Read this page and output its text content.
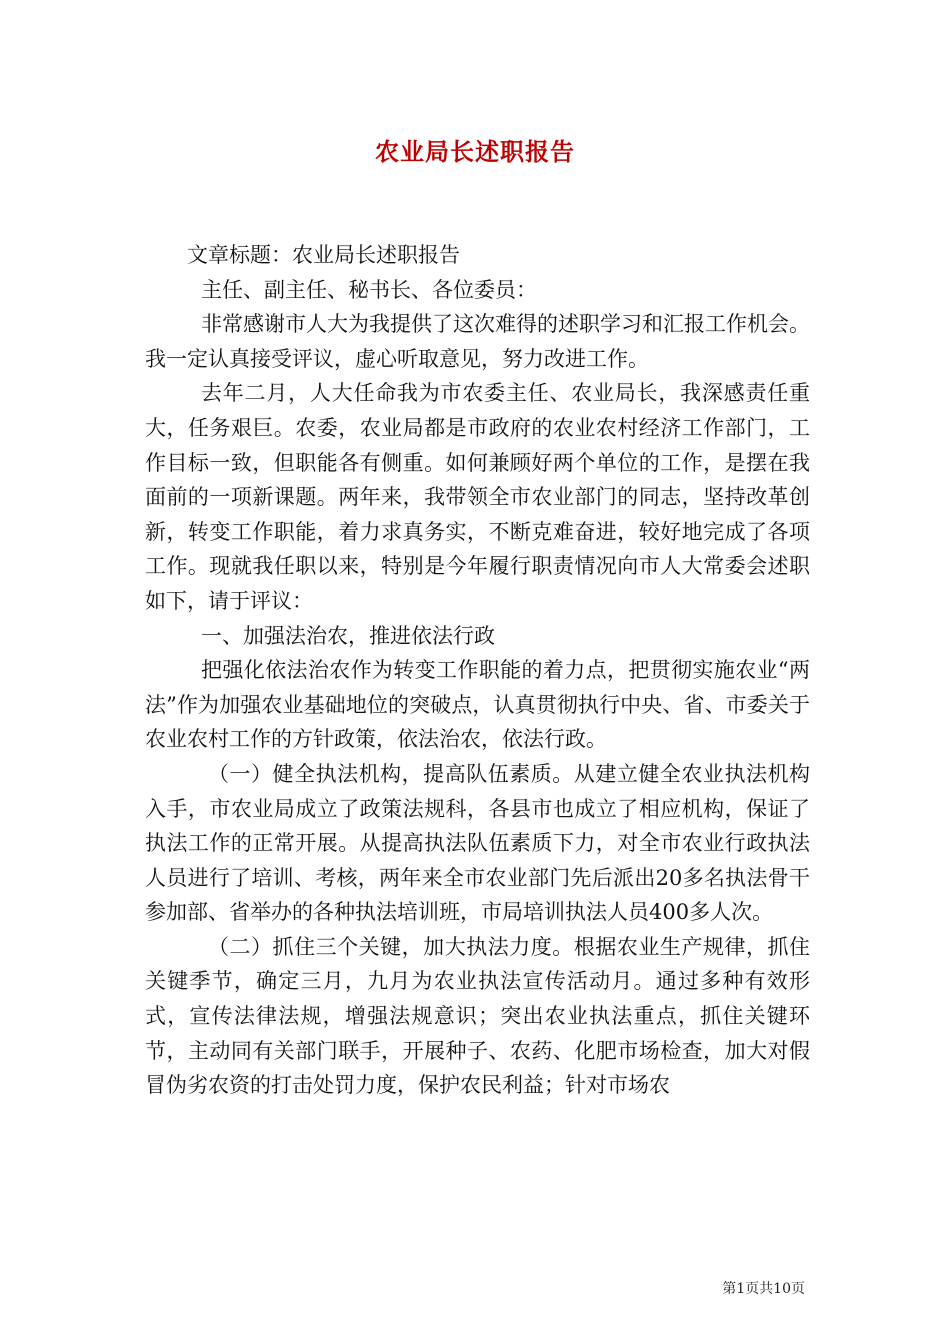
农业局长述职报告

文章标题：农业局长述职报告

主任、副主任、秘书长、各位委员：

非常感谢市人大为我提供了这次难得的述职学习和汇报工作机会。我一定认真接受评议，虚心听取意见，努力改进工作。

去年二月，人大任命我为市农委主任、农业局长，我深感责任重大，任务艰巨。农委，农业局都是市政府的农业农村经济工作部门，工作目标一致，但职能各有侧重。如何兼顾好两个单位的工作，是摆在我面前的一项新课题。两年来，我带领全市农业部门的同志，坚持改革创新，转变工作职能，着力求真务实，不断克难奋进，较好地完成了各项工作。现就我任职以来，特别是今年履行职责情况向市人大常委会述职如下，请于评议：

一、加强法治农，推进依法行政

把强化依法治农作为转变工作职能的着力点，把贯彻实施农业“两法”作为加强农业基础地位的突破点，认真贯彻执行中央、省、市委关于农业农村工作的方针政策，依法治农，依法行政。

（一）健全执法机构，提高队伍素质。从建立健全农业执法机构入手，市农业局成立了政策法规科，各县市也成立了相应机构，保证了执法工作的正常开展。从提高执法队伍素质下力，对全市农业行政执法人员进行了培训、考核，两年来全市农业部门先后派出20多名执法骨干参加部、省举办的各种执法培训班，市局培训执法人员400多人次。

（二）抓住三个关键，加大执法力度。根据农业生产规律，抓住关键季节，确定三月，九月为农业执法宣传活动月。通过多种有效形式，宣传法律法规，增强法规意识；突出农业执法重点，抓住关键环节，主动同有关部门联手，开展种子、农药、化肥市场检查，加大对假冒伪劣农资的打击处罚力度，保护农民利益；针对市场农

第1页共10页
